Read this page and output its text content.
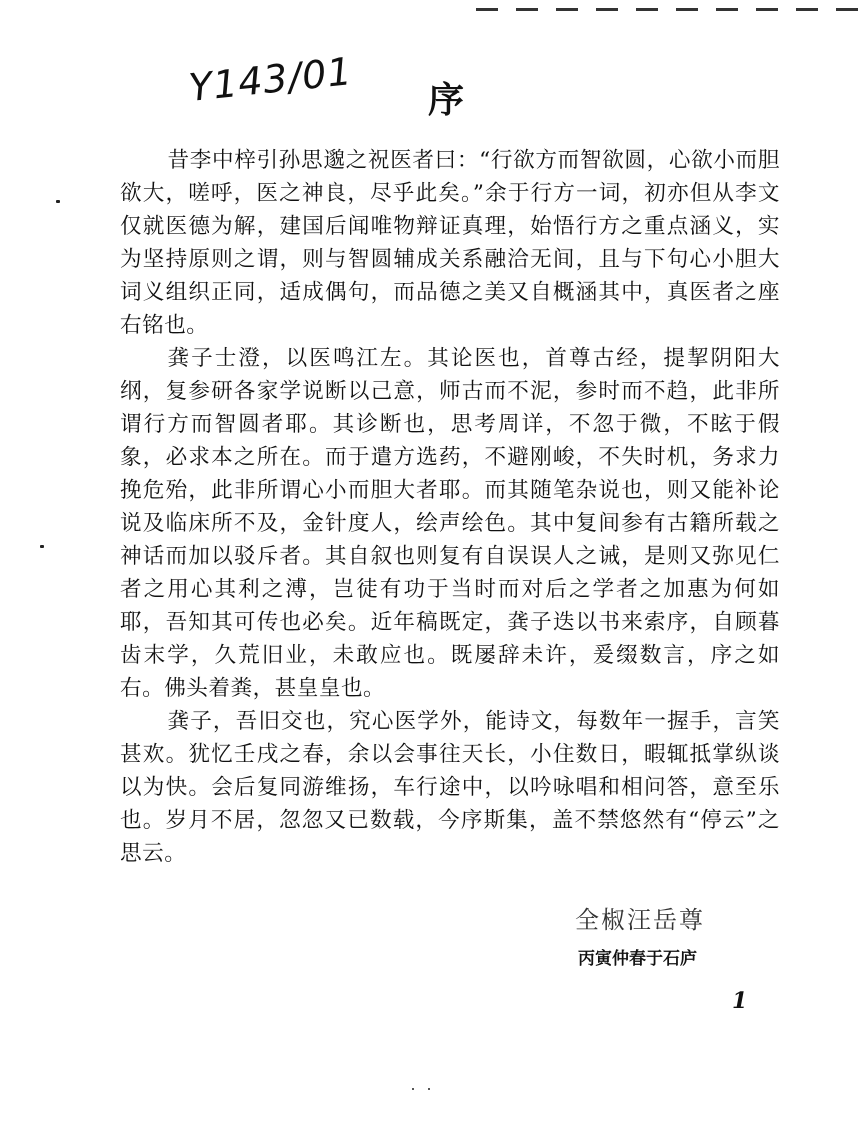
Y143/01 序

昔李中梓引孙思邈之祝医者曰：“行欲方而智欲圆，心欲小而胆欲大，嗟呼，医之神良，尽乎此矣。”余于行方一词，初亦但从李文仅就医德为解，建国后闻唯物辩证真理，始悟行方之重点涵义，实为坚持原则之谓，则与智圆辅成关系融洽无间，且与下句心小胆大词义组织正同，适成偶句，而品德之美又自概涵其中，真医者之座右铭也。

龚子士澄，以医鸣江左。其论医也，首尊古经，提挈阴阳大纲，复参研各家学说断以己意，师古而不泥，参时而不趋，此非所谓行方而智圆者耶。其诊断也，思考周详，不忽于微，不眩于假象，必求本之所在。而于遣方选药，不避刚峻，不失时机，务求力挽危殆，此非所谓心小而胆大者耶。而其随笔杂说也，则又能补论说及临床所不及，金针度人，绘声绘色。其中复间参有古籍所载之神话而加以驳斥者。其自叙也则复有自误误人之诫，是则又弥见仁者之用心其利之溥，岂徒有功于当时而对后之学者之加惠为何如耶，吾知其可传也必矣。近年稿既定，龚子迭以书来索序，自顾暮齿末学，久荒旧业，未敢应也。既屡辞未许，爰缀数言，序之如右。佛头着粪，甚皇皇也。

龚子，吾旧交也，究心医学外，能诗文，每数年一握手，言笑甚欢。犹忆壬戌之春，余以会事往天长，小住数日，暇辄抵掌纵谈以为快。会后复同游维扬，车行途中，以吟咏唱和相问答，意至乐也。岁月不居，忽忽又已数载，今序斯集，盖不禁悠然有“停云”之思云。

全椒汪岳尊
丙寅仲春于石庐
1
